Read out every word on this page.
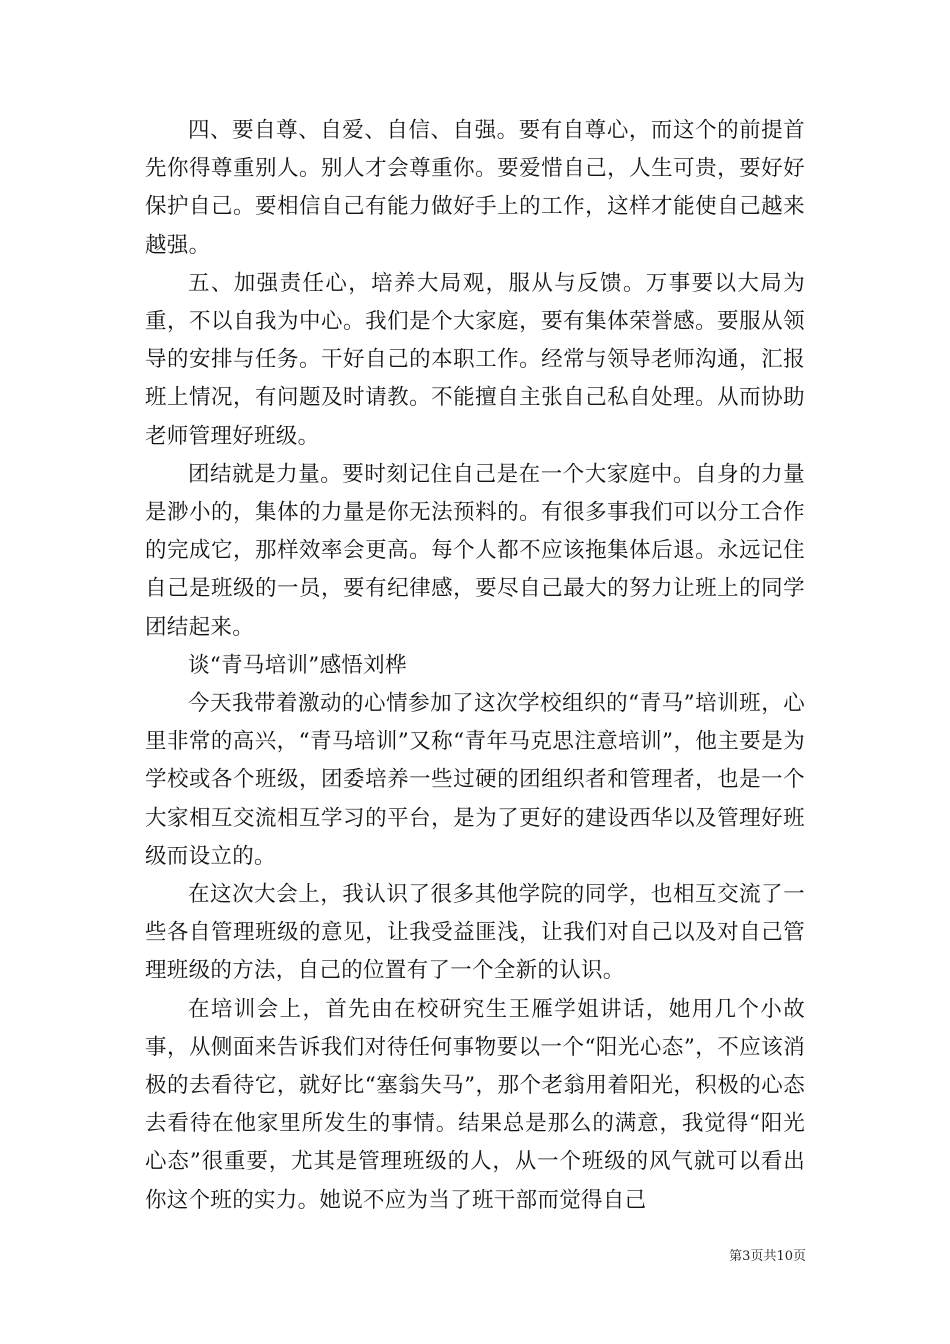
四、要自尊、自爱、自信、自强。要有自尊心，而这个的前提首先你得尊重别人。别人才会尊重你。要爱惜自己，人生可贵，要好好保护自己。要相信自己有能力做好手上的工作，这样才能使自己越来越强。

五、加强责任心，培养大局观，服从与反馈。万事要以大局为重，不以自我为中心。我们是个大家庭，要有集体荣誉感。要服从领导的安排与任务。干好自己的本职工作。经常与领导老师沟通，汇报班上情况，有问题及时请教。不能擅自主张自己私自处理。从而协助老师管理好班级。

团结就是力量。要时刻记住自己是在一个大家庭中。自身的力量是渺小的，集体的力量是你无法预料的。有很多事我们可以分工合作的完成它，那样效率会更高。每个人都不应该拖集体后退。永远记住自己是班级的一员，要有纪律感，要尽自己最大的努力让班上的同学团结起来。

谈“青马培训”感悟刘桦

今天我带着激动的心情参加了这次学校组织的“青马”培训班，心里非常的高兴，“青马培训”又称“青年马克思注意培训”，他主要是为学校或各个班级，团委培养一些过硬的团组织者和管理者，也是一个大家相互交流相互学习的平台，是为了更好的建设西华以及管理好班级而设立的。

在这次大会上，我认识了很多其他学院的同学，也相互交流了一些各自管理班级的意见，让我受益匪浅，让我们对自己以及对自己管理班级的方法，自己的位置有了一个全新的认识。

在培训会上，首先由在校研究生王雁学姐讲话，她用几个小故事，从侧面来告诉我们对待任何事物要以一个“阳光心态”，不应该消极的去看待它，就好比“塞翁失马”，那个老翁用着阳光，积极的心态去看待在他家里所发生的事情。结果总是那么的满意，我觉得“阳光心态”很重要，尤其是管理班级的人，从一个班级的风气就可以看出你这个班的实力。她说不应为当了班干部而觉得自己

第3页共10页
